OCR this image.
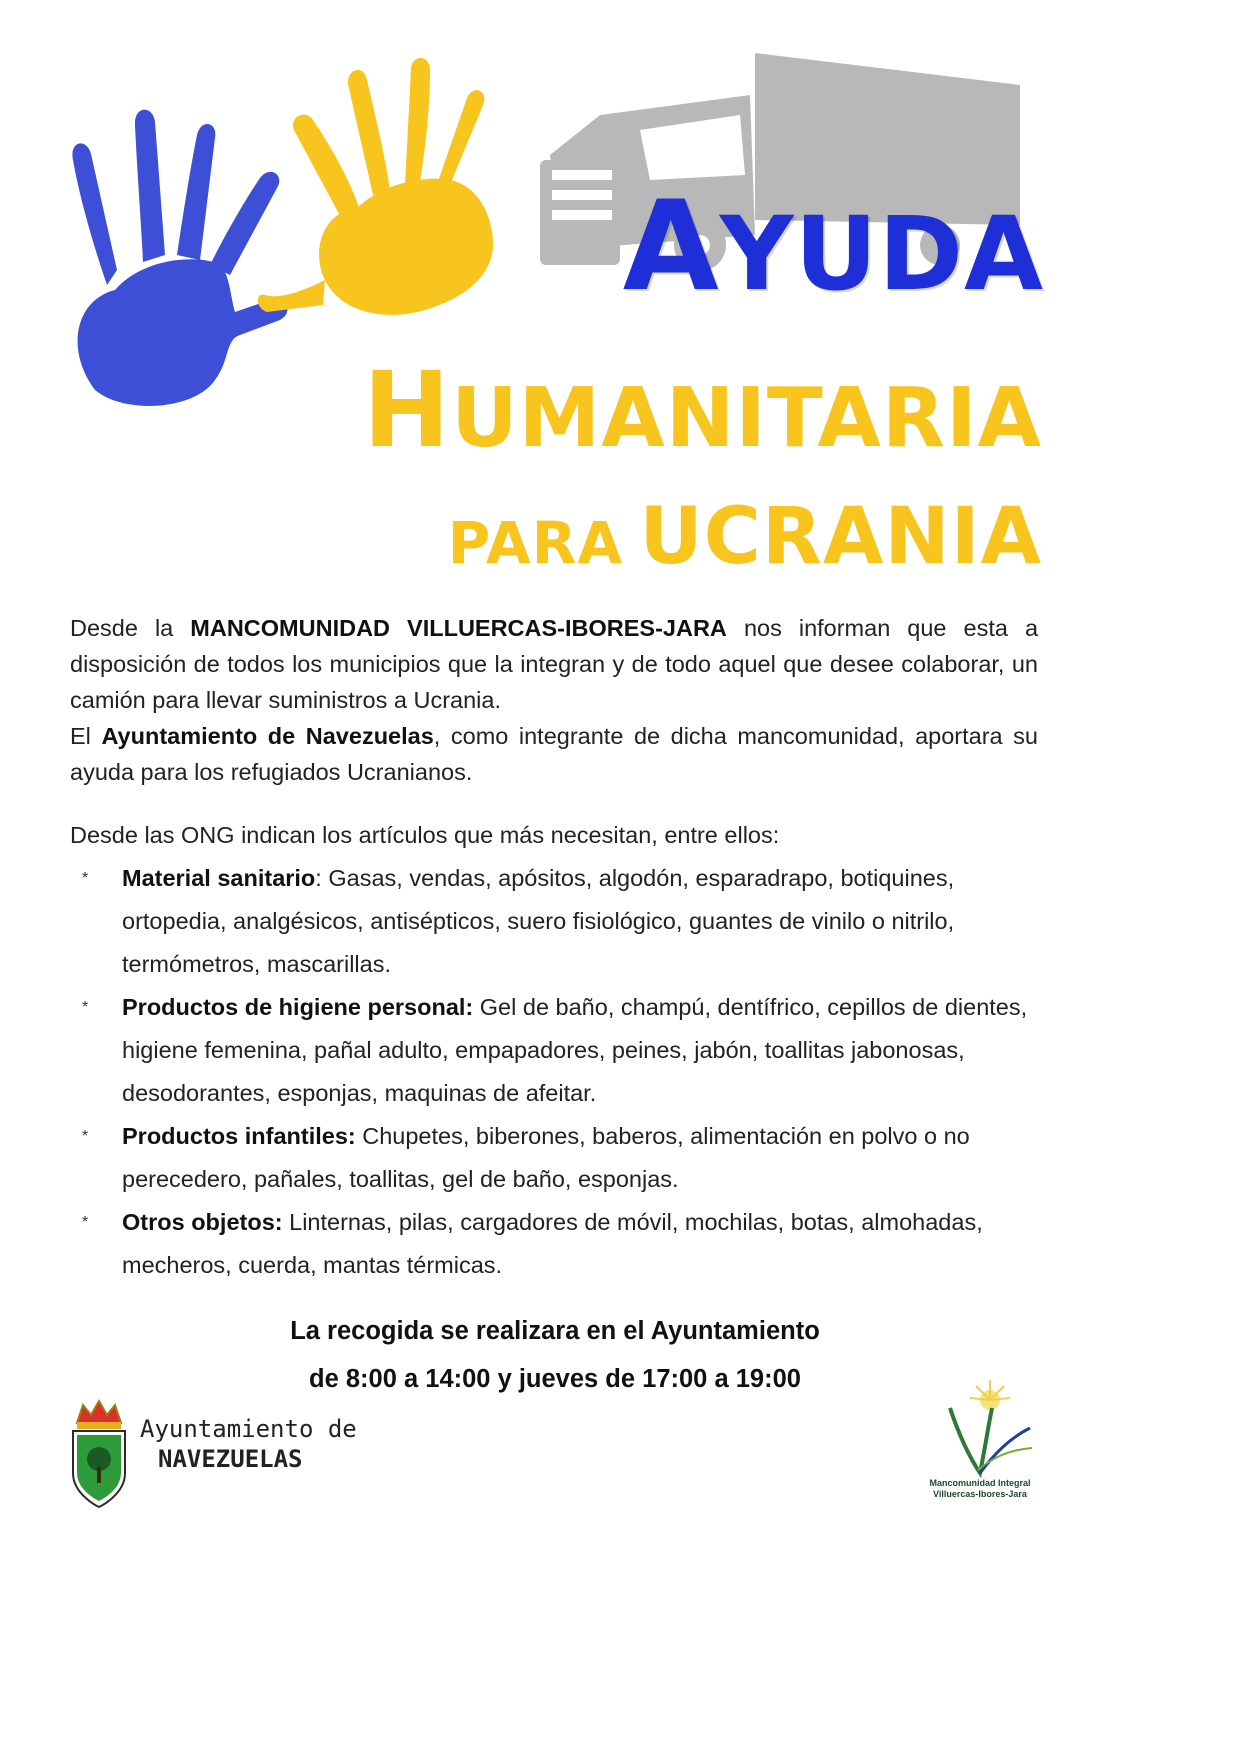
AYUDA
HUMANITARIA
PARA UCRANIA

Desde la MANCOMUNIDAD VILLUERCAS-IBORES-JARA nos informan que esta a disposición de todos los municipios que la integran y de todo aquel que desee colaborar, un camión para llevar suministros a Ucrania.

El Ayuntamiento de Navezuelas, como integrante de dicha mancomunidad, aportara su ayuda para los refugiados Ucranianos.

Desde las ONG indican los artículos que más necesitan, entre ellos:
* Material sanitario: Gasas, vendas, apósitos, algodón, esparadrapo, botiquines, ortopedia, analgésicos, antisépticos, suero fisiológico, guantes de vinilo o nitrilo, termómetros, mascarillas.
* Productos de higiene personal: Gel de baño, champú, dentífrico, cepillos de dientes, higiene femenina, pañal adulto, empapadores, peines, jabón, toallitas jabonosas, desodorantes, esponjas, maquinas de afeitar.
* Productos infantiles: Chupetes, biberones, baberos, alimentación en polvo o no perecedero, pañales, toallitas, gel de baño, esponjas.
* Otros objetos: Linternas, pilas, cargadores de móvil, mochilas, botas, almohadas, mecheros, cuerda, mantas térmicas.
La recogida se realizara en el Ayuntamiento
de 8:00 a 14:00 y jueves de 17:00 a 19:00
Ayuntamiento de
NAVEZUELAS
Mancomunidad Integral
Villuercas-Ibores-Jara
